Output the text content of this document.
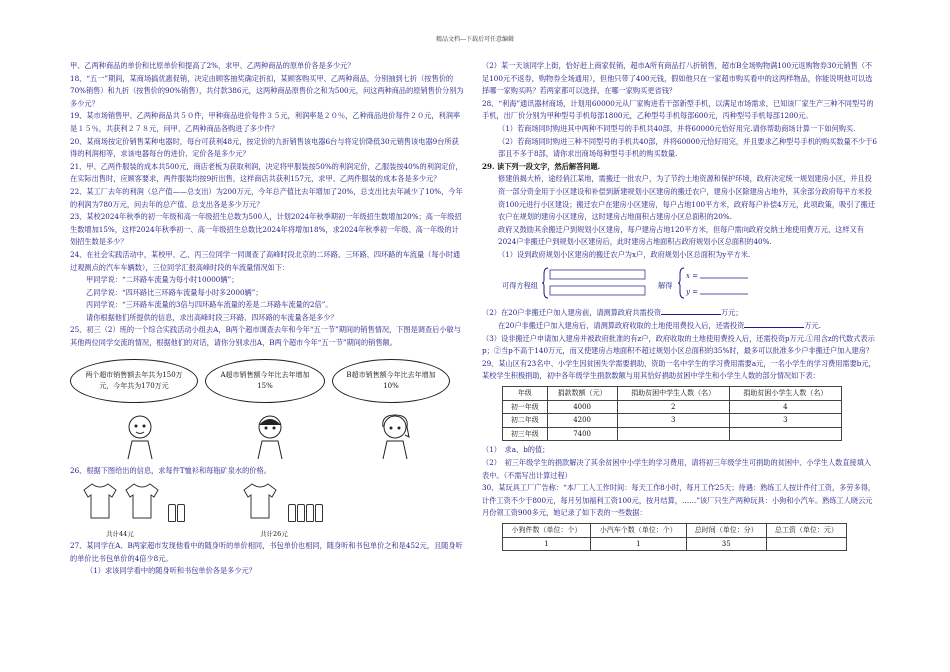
精品文档---下载后可任意编辑

甲、乙两种商品的单价和比原单价和提高了2%，求甲、乙两种商品的原单价各是多少元？

18、“五一”期间，某商场搞优惠促销，决定由顾客抽奖确定折扣，某顾客购买甲、乙两种商品，分别抽到七折（按售价的70%销售）和九折（按售价的90%销售），共付款386元，这两种商品原售价之和为500元，问这两种商品的原销售价分别为多少元？

19、某市场销售甲、乙两种商品共５０件，甲种商品进价每件３５元，利润率是２０％，乙种商品进价每件２０元，利润率是１５％，共获利２７８元，问甲、乙两种商品各购进了多少件？

20、某商场按定价销售某种电器时，每台可获利48元，按定价的九折销售该电器6台与将定价降低30元销售该电器9台所获得的利润相等，求该电器每台的进价、定价各是多少元？

21、甲、乙两件服装的成本共500元，商店老板为获取利润，决定将甲服装按50%的利润定价，乙服装按40%的利润定价，在实际出售时，应顾客要求，两件服装均按9折出售，这样商店共获利157元，求甲、乙两件服装的成本各是多少元？

22、某工厂去年的利润（总产值——总支出）为200万元，今年总产值比去年增加了20%，总支出比去年减少了10%，今年的利润为780万元，问去年的总产值、总支出各是多少万元？

23、某校2024年秋季的初一年级和高一年级招生总数为500人，计划2024年秋季期初一年级招生数增加20%；高一年级招生数增加15%，这样2024年秋季初一、高一年级招生总数比2024年将增加18%，求2024年秋季初一年级、高一年级的计划招生数是多少？

24、在社会实践活动中，某校甲、乙、丙三位同学一同调查了高峰时段北京的二环路、三环路、四环路的车流量（每小时通过观测点的汽车车辆数），三位同学汇报高峰时段的车流量情况如下：

甲同学说：“二环路车流量为每小时10000辆”；

乙同学说：“四环路比三环路车流量每小时多2000辆”；

丙同学说：“三环路车流量的3倍与四环路车流量的差是二环路车流量的2倍”。

请你根据他们所提供的信息，求出高峰时段三环路、四环路的车流量各是多少？

25、初三（2）班的一个综合实践活动小组去A，B两个超市调查去年和今年“五一节”期间的销售情况，下图是调查后小敏与其他两位同学交流的情况，根据他们的对话，请你分别求出A，B两个超市今年“五一节”期间的销售额。

两个超市销售额去年共为150万元，今年共为170万元
A超市销售额今年比去年增加15%
B超市销售额今年比去年增加10%

26、根据下图给出的信息，求每件T恤衫和每瓶矿泉水的价格。

共计44元	共计26元

27、某同学在A、B两家超市发现他看中的随身听的单价相同，书包单价也相同，随身听和书包单价之和是452元，且随身听的单价比书包单价的4倍少8元。

（1）求该同学看中的随身听和书包单价各是多少元？

（2）某一天该同学上街，恰好赶上商家促销，超市A所有商品打八折销售，超市B全场购物满100元返购物券30元销售（不足100元不返券，购物券全场通用），但他只带了400元钱，假如他只在一家超市购买看中的这两样物品，你能说明他可以选择哪一家购买吗？若两家都可以选择，在哪一家购买更省钱？

28、“利海”通讯器材商场，计划用60000元从厂家购进若干部新型手机，以满足市场需求，已知该厂家生产三种不同型号的手机，出厂价分别为甲种型号手机每部1800元，乙种型号手机每部600元，丙种型号手机每部1200元。

（1）若商场同时购进其中两种不同型号的手机共40部，并将60000元恰好用完.请你帮助商场计算一下如何购买.

（2）若商场同时购进三种不同型号的手机共40部，并将60000元恰好用完，并且要求乙种型号手机的购买数量不少于6部且不多于8部，请你求出商场每种型号手机的购买数量.

29. 读下列一段文字，然后解答问题.

修建俏揭大桥，途经俏江某地，需搬迁一批农户，为了节约土地资源和保护环境，政府决定统一规划建房小区，并且投资一部分资金用于小区建设和补偿到新建规划小区建房的搬迁农户，建房小区除建房占地外，其余部分政府每平方米投资100元进行小区建设；搬迁农户在建房小区建房，每户占地100平方米，政府每户补偿4万元，此项政策，吸引了搬迁农户在规划的建房小区建房，这时建房占地面积占建房小区总面积的20%.

政府又鼓励其余搬迁户到规划小区建房，每户建房占地120平方米，但每户需向政府交纳土地使用费万元，这样又有2024户非搬迁户到规划小区建房后，此时建房占地面积占政府规划小区总面积的40%.

（1）设到政府规划小区建房的搬迁农户为x户，政府规划小区总面积为y平方米.

可得方程组	解得
x =
y =

（2）在20户非搬迁户加入建房前，请测算政府共需投资	万元；

在20户非搬迁户加入建房后，请测算政府收取的土地使用费投入后，还需投资	万元.

（3）设非搬迁户申请加入建房并被政府批准的有z户，政府收取的土地使用费投入后，还需投资p万元.①用含z的代数式表示p；②当p不高于140万元，而又使建房占地面积不超过规划小区总面积的35%时，最多可以批准多少户非搬迁户加入建房？

29、某山区有23名中、小学生因贫困失学需要捐助，资助一名中学生的学习费用需要a元，一名小学生的学习费用需要b元，某校学生积极捐助，初中各年级学生捐款数额与用其恰好捐助贫困中学生和小学生人数的部分情况如下表：

年级	捐款数额（元）	捐助贫困中学生人数（名）	捐助贫困小学生人数（名）
初一年级	4000	2	4
初二年级	4200	3	3
初三年级	7400		

（1）　求a、b的值；

（2）　初三年级学生的捐款解决了其余贫困中小学生的学习费用，请将初三年级学生可捐助的贫困中、小学生人数直接填入表中。（不需写出计算过程）

30、某玩具工厂广告称：“本厂工人工作时间：每天工作8小时，每月工作25天；待遇：熟练工人按计件付工资，多劳多得，计件工资不少于800元，每月另加福利工资100元，按月结算，……”该厂只生产两种玩具：小狗和小汽车。熟练工人晓云元月份领工资900多元，她记录了如下表的一些数据：

小狗件数（单位：个）	小汽车个数（单位：个）	总时间（单位：分）	总工资（单位：元）
1	1	35	
